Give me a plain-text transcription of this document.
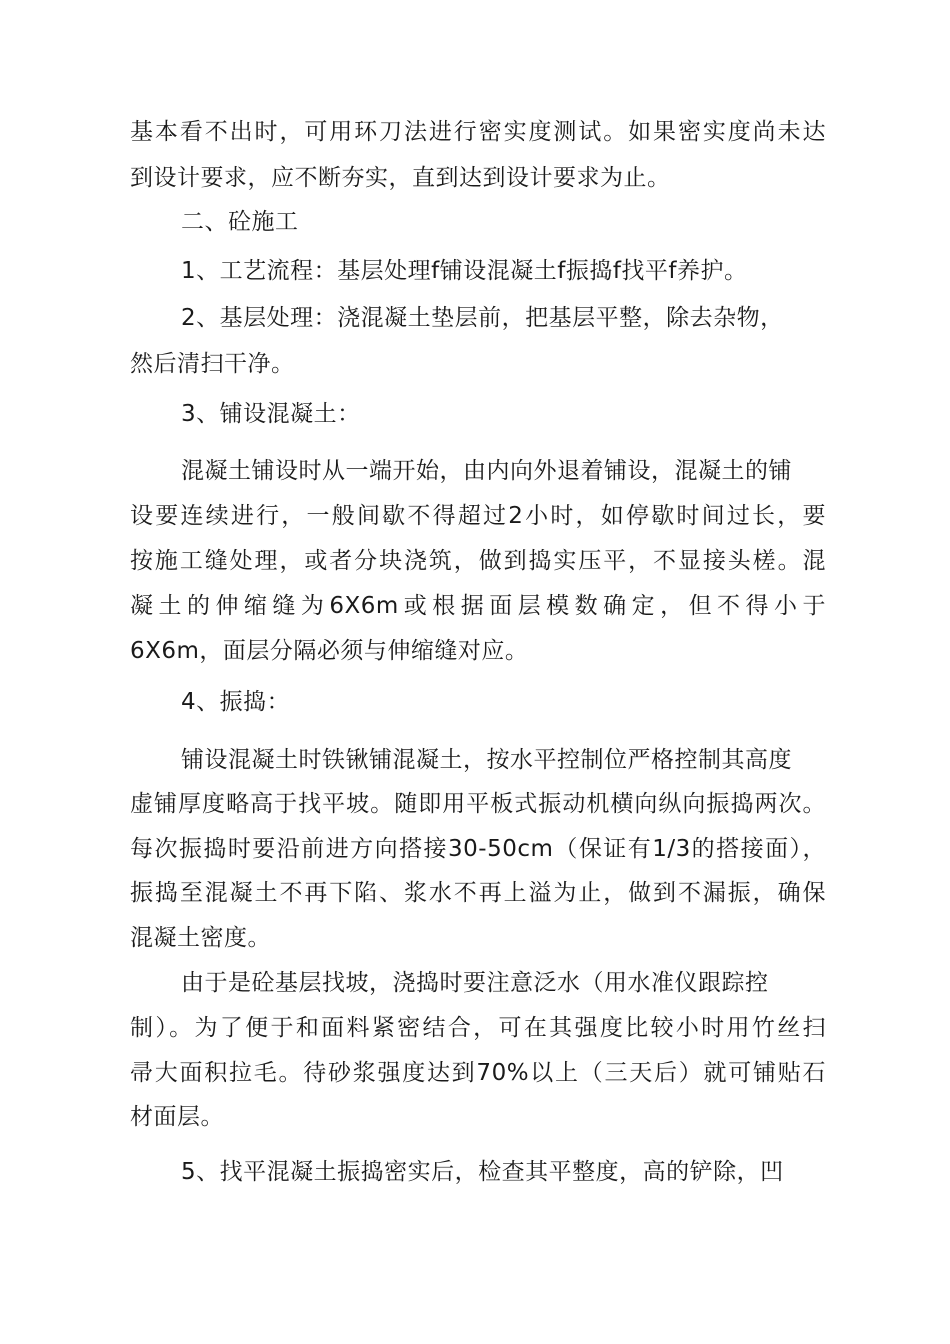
基本看不出时，可用环刀法进行密实度测试。如果密实度尚未达
到设计要求，应不断夯实，直到达到设计要求为止。
二、砼施工
1、工艺流程：基层处理f铺设混凝土f振捣f找平f养护。
2、基层处理：浇混凝土垫层前，把基层平整，除去杂物，
然后清扫干净。
3、铺设混凝土：
混凝土铺设时从一端开始，由内向外退着铺设，混凝土的铺
设要连续进行，一般间歇不得超过2小时，如停歇时间过长，要
按施工缝处理，或者分块浇筑，做到捣实压平，不显接头槎。混
凝土的伸缩缝为6X6m或根据面层模数确定，但不得小于
6X6m，面层分隔必须与伸缩缝对应。
4、振捣：
铺设混凝土时铁锹铺混凝土，按水平控制位严格控制其高度
虚铺厚度略高于找平坡。随即用平板式振动机横向纵向振捣两次。
每次振捣时要沿前进方向搭接30-50cm（保证有1/3的搭接面），
振捣至混凝土不再下陷、浆水不再上溢为止，做到不漏振，确保
混凝土密度。
由于是砼基层找坡，浇捣时要注意泛水（用水准仪跟踪控
制）。为了便于和面料紧密结合，可在其强度比较小时用竹丝扫
帚大面积拉毛。待砂浆强度达到70%以上（三天后）就可铺贴石
材面层。
5、找平混凝土振捣密实后，检查其平整度，高的铲除，凹
